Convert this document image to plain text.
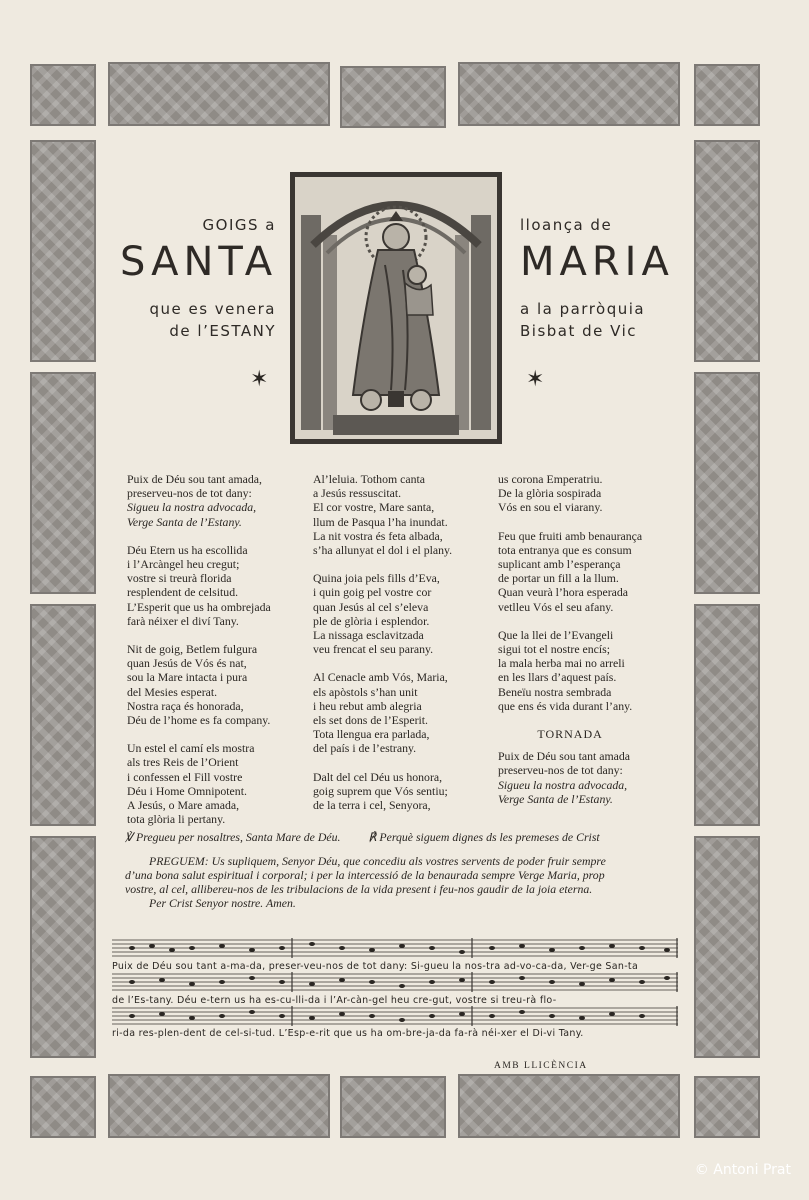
GOIGS a
SANTA
que es venera
de l’ESTANY
✶
lloança de
MARIA
a la parròquia
Bisbat de Vic
✶

Puix de Déu sou tant amada,

preserveu-nos de tot dany:

Sigueu la nostra advocada,

Verge Santa de l’Estany.

Déu Etern us ha escollida

i l’Arcàngel heu cregut;

vostre si treurà florida

resplendent de celsitud.

L’Esperit que us ha ombrejada

farà néixer el diví Tany.

Nit de goig, Betlem fulgura

quan Jesús de Vós és nat,

sou la Mare intacta i pura

del Mesies esperat.

Nostra raça és honorada,

Déu de l’home es fa company.

Un estel el camí els mostra

als tres Reis de l’Orient

i confessen el Fill vostre

Déu i Home Omnipotent.

A Jesús, o Mare amada,

tota glòria li pertany.

Al’leluia. Tothom canta

a Jesús ressuscitat.

El cor vostre, Mare santa,

llum de Pasqua l’ha inundat.

La nit vostra és feta albada,

s’ha allunyat el dol i el plany.

Quina joia pels fills d’Eva,

i quin goig pel vostre cor

quan Jesús al cel s’eleva

ple de glòria i esplendor.

La nissaga esclavitzada

veu frencat el seu parany.

Al Cenacle amb Vós, Maria,

els apòstols s’han unit

i heu rebut amb alegria

els set dons de l’Esperit.

Tota llengua era parlada,

del país i de l’estrany.

Dalt del cel Déu us honora,

goig suprem que Vós sentiu;

de la terra i cel, Senyora,

us corona Emperatriu.

De la glòria sospirada

Vós en sou el viarany.

Feu que fruiti amb benaurança

tota entranya que es consum

suplicant amb l’esperança

de portar un fill a la llum.

Quan veurà l’hora esperada

vetlleu Vós el seu afany.

Que la llei de l’Evangeli

sigui tot el nostre encís;

la mala herba mai no arreli

en les llars d’aquest país.

Beneïu nostra sembrada

que ens és vida durant l’any.

TORNADA

Puix de Déu sou tant amada

preserveu-nos de tot dany:

Sigueu la nostra advocada,

Verge Santa de l’Estany.

℣ Pregueu per nosaltres, Santa Mare de Déu. ℟ Perquè siguem dignes ds les premeses de Crist

PREGUEM: Us supliquem, Senyor Déu, que concediu als vostres servents de poder fruir sempre

d’una bona salut espiritual i corporal; i per la intercessió de la benaurada sempre Verge Maria, prop

vostre, al cel, allibereu-nos de les tribulacions de la vida present i feu-nos gaudir de la joia eterna.

Per Crist Senyor nostre. Amen.

Puix de Déu sou tant a-ma-da, preser-veu-nos de tot dany: Si-gueu la nos-tra ad-vo-ca-da, Ver-ge San-ta
de l’Es-tany. Déu e-tern us ha es-cu-lli-da i l’Ar-càn-gel heu cre-gut, vostre si treu-rà flo-
ri-da res-plen-dent de cel-si-tud. L’Esp-e-rit que us ha om-bre-ja-da fa-rà néi-xer el Di-vi Tany.
AMB LLICÈNCIA
© Antoni Prat
